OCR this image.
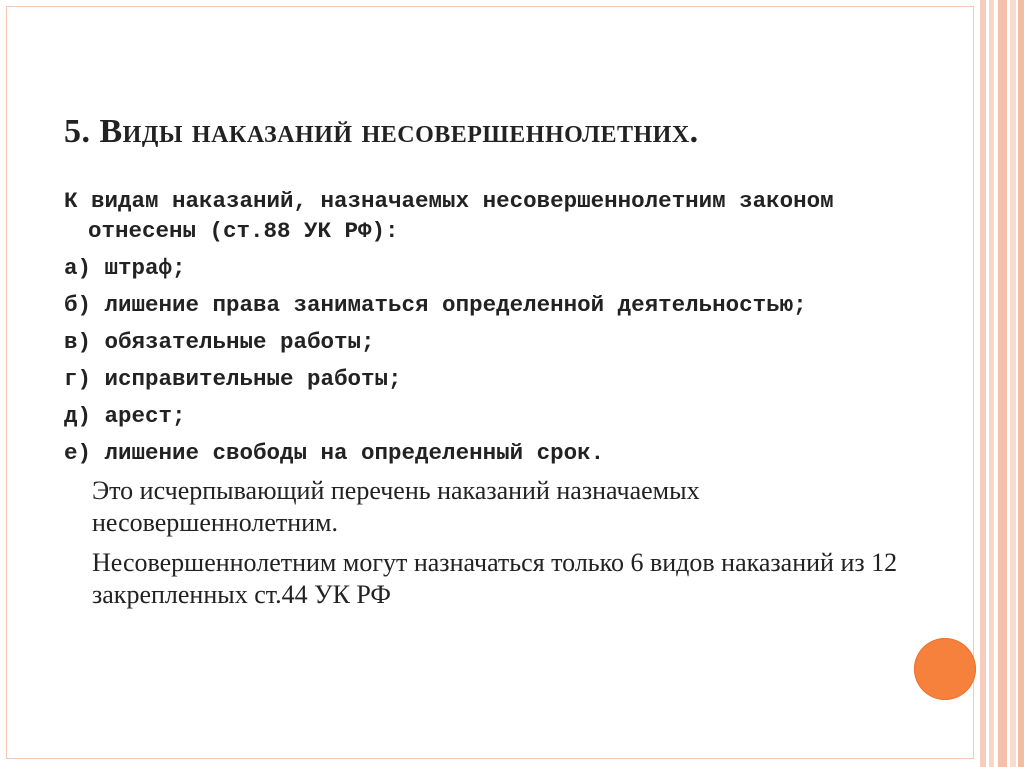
5. Виды наказаний несовершеннолетних.

К видам наказаний, назначаемых несовершеннолетним законом отнесены (ст.88 УК РФ):

а) штраф;

б) лишение права заниматься определенной деятельностью;

в) обязательные работы;

г) исправительные работы;

д) арест;

е) лишение свободы на определенный срок.

Это исчерпывающий перечень наказаний назначаемых несовершеннолетним.

Несовершеннолетним могут назначаться только 6 видов наказаний из 12 закрепленных ст.44 УК РФ
